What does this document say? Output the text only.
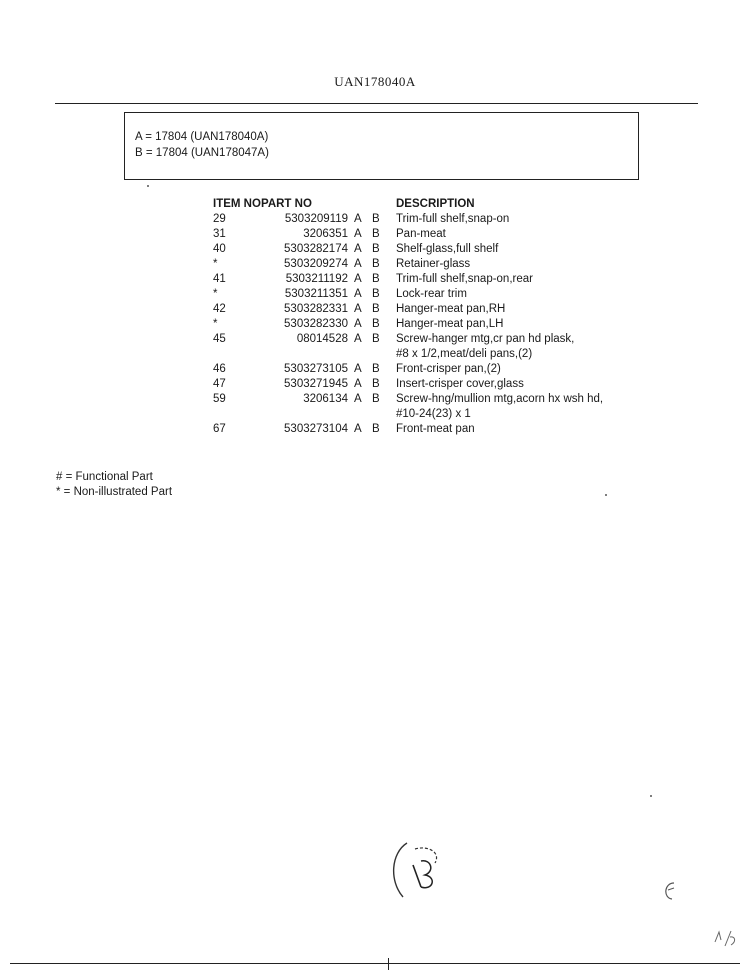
UAN178040A
A = 17804 (UAN178040A)
B = 17804 (UAN178047A)
ITEM NO PART NO	DESCRIPTION
29	5303209119 A B Trim-full shelf,snap-on
31	3206351 A B Pan-meat
40	5303282174 A B Shelf-glass,full shelf
*	5303209274 A B Retainer-glass
41	5303211192 A B Trim-full shelf,snap-on,rear
*	5303211351 A B Lock-rear trim
42	5303282331 A B Hanger-meat pan,RH
*	5303282330 A B Hanger-meat pan,LH
45	08014528 A B Screw-hanger mtg,cr pan hd plask,
#8 x 1/2,meat/deli pans,(2)
46	5303273105 A B Front-crisper pan,(2)
47	5303271945 A B Insert-crisper cover,glass
59	3206134 A B Screw-hng/mullion mtg,acorn hx wsh hd,
#10-24(23) x 1
67	5303273104 A B Front-meat pan
# = Functional Part
* = Non-illustrated Part
